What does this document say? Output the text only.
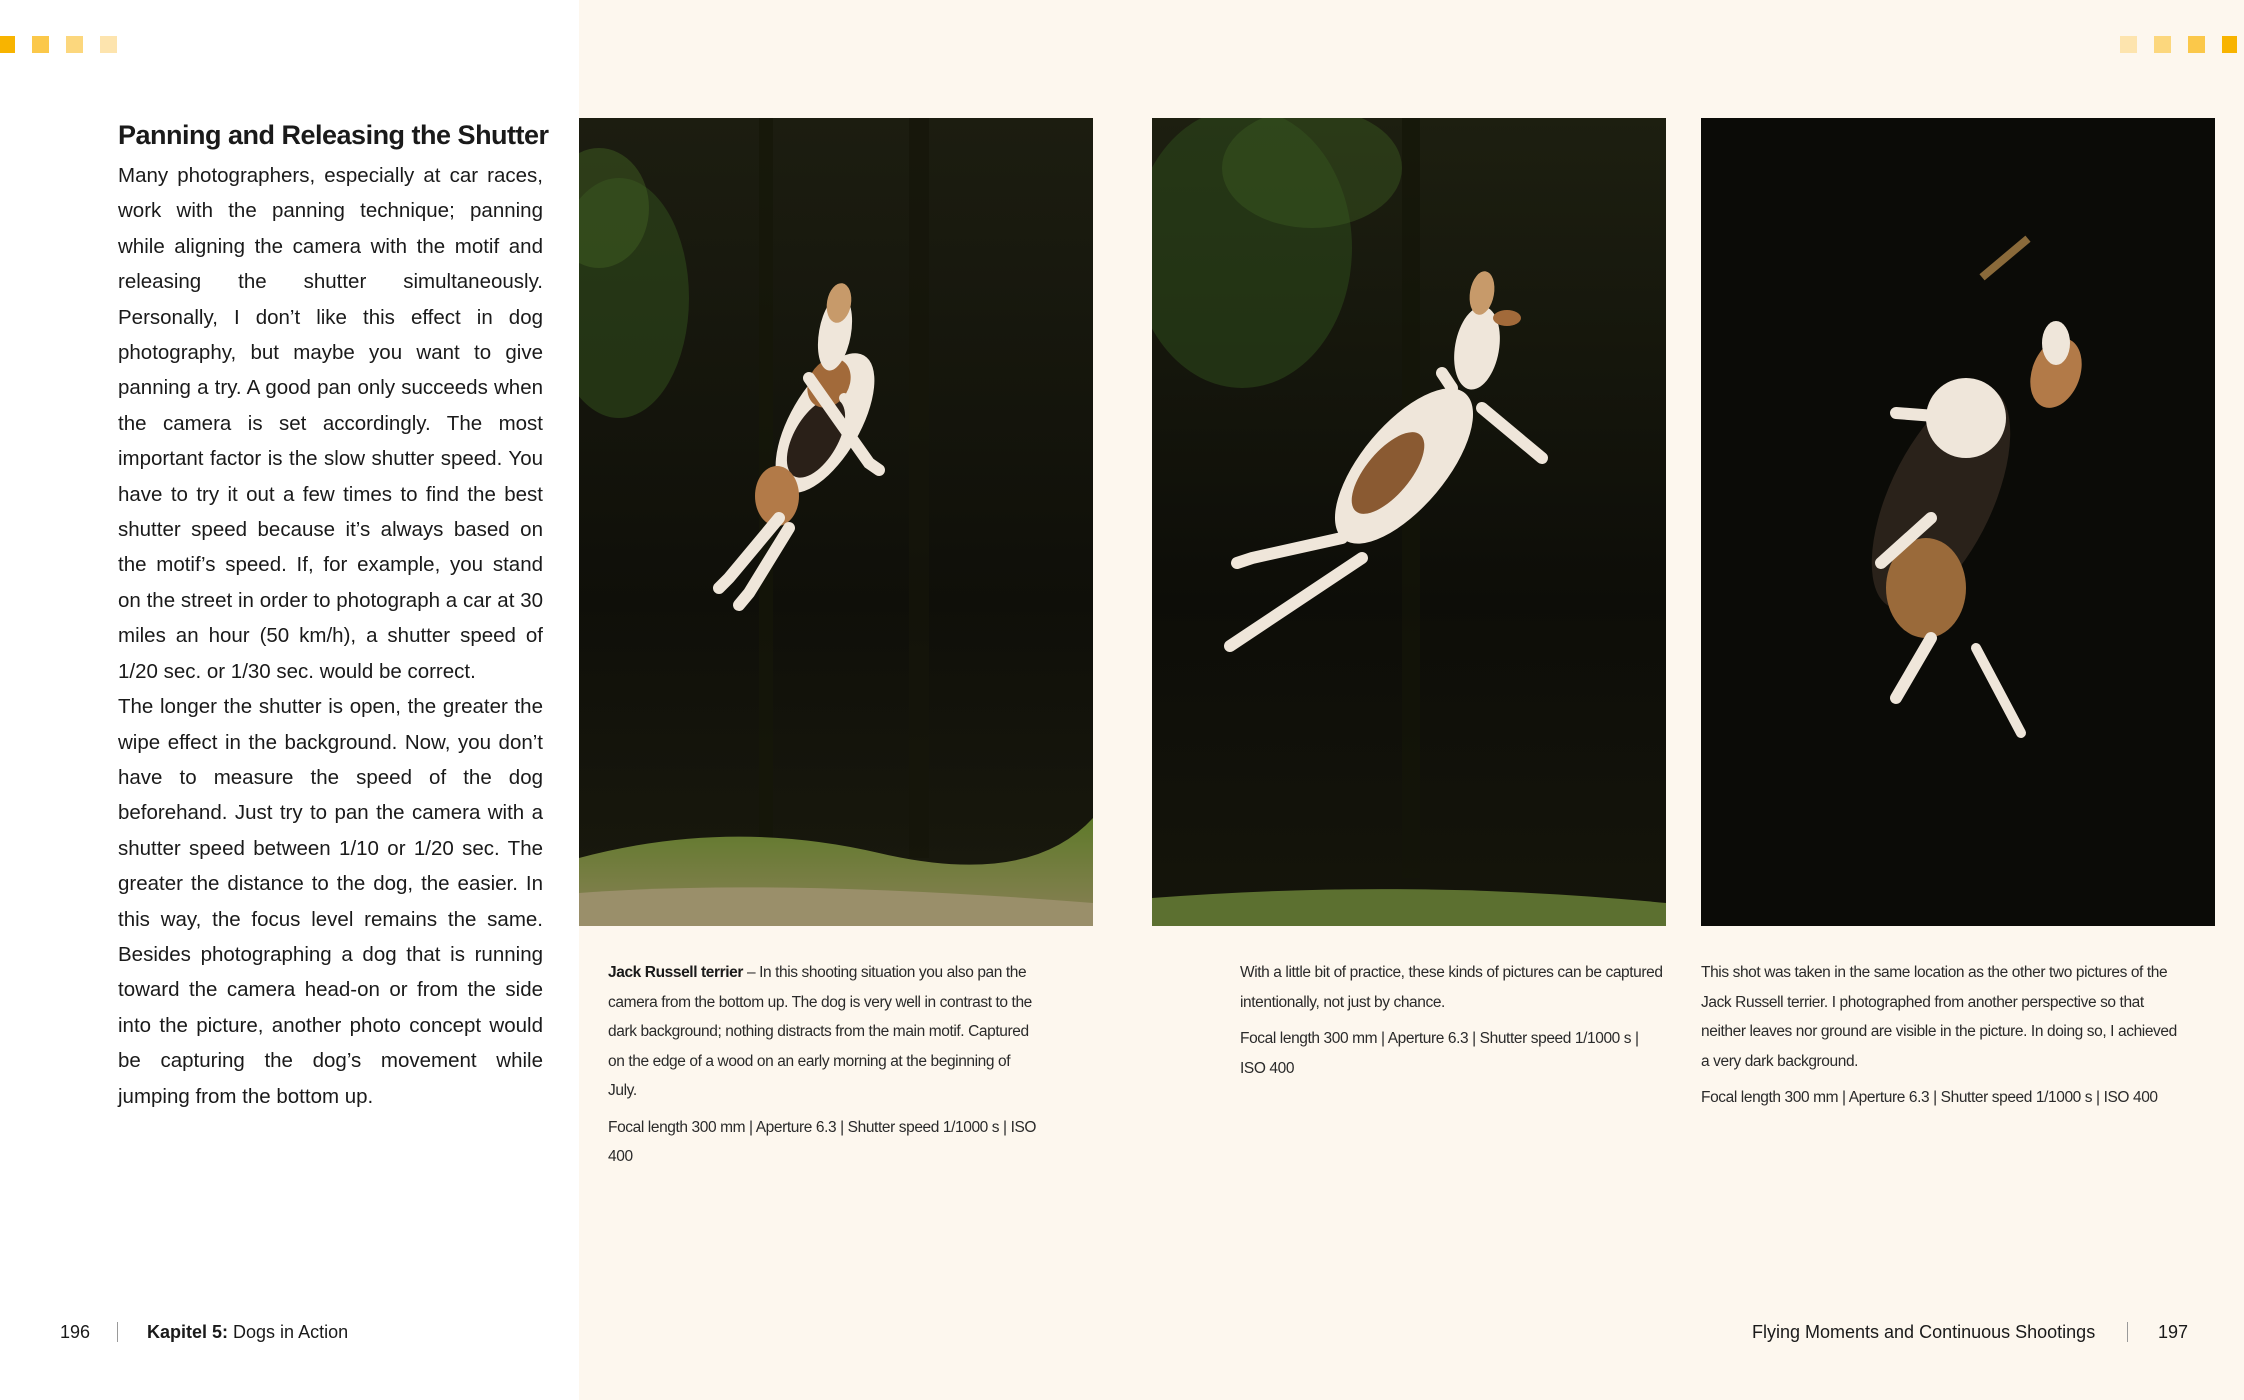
Panning and Releasing the Shutter

Many photographers, especially at car races, work with the panning technique; panning while aligning the camera with the motif and releasing the shutter simultaneously. Personally, I don’t like this effect in dog photography, but maybe you want to give panning a try. A good pan only succeeds when the camera is set accordingly. The most important factor is the slow shutter speed. You have to try it out a few times to find the best shutter speed because it’s always based on the motif’s speed. If, for example, you stand on the street in order to photograph a car at 30 miles an hour (50 km/h), a shutter speed of 1/20 sec. or 1/30 sec. would be correct.

The longer the shutter is open, the greater the wipe effect in the background. Now, you don’t have to measure the speed of the dog beforehand. Just try to pan the camera with a shutter speed between 1/10 or 1/20 sec. The greater the distance to the dog, the easier. In this way, the focus level remains the same. Besides photographing a dog that is running toward the camera head-on or from the side into the picture, another photo concept would be capturing the dog’s movement while jumping from the bottom up.

Jack Russell terrier – In this shooting situation you also pan the camera from the bottom up. The dog is very well in contrast to the dark background; nothing distracts from the main motif. Captured on the edge of a wood on an early morning at the beginning of July.

Focal length 300 mm | Aperture 6.3 | Shutter speed 1/1000 s | ISO 400

With a little bit of practice, these kinds of pictures can be captured intentionally, not just by chance.

Focal length 300 mm | Aperture 6.3 | Shutter speed 1/1000 s | ISO 400

This shot was taken in the same location as the other two pictures of the Jack Russell terrier. I photographed from another perspective so that neither leaves nor ground are visible in the picture. In doing so, I achieved a very dark background.

Focal length 300 mm | Aperture 6.3 | Shutter speed 1/1000 s | ISO 400

196	Kapitel 5: Dogs in Action	Flying Moments and Continuous Shootings	197
